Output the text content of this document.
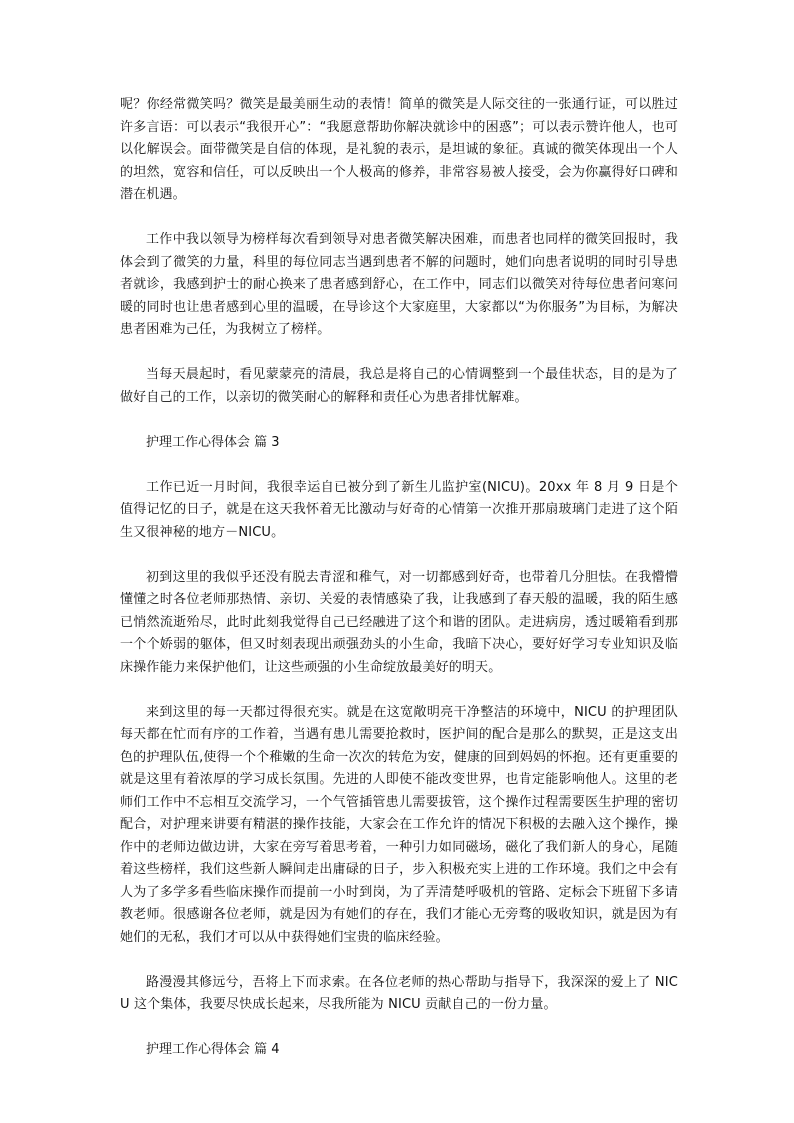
呢？你经常微笑吗？微笑是最美丽生动的表情！简单的微笑是人际交往的一张通行证，可以胜过许多言语：可以表示“我很开心”：“我愿意帮助你解决就诊中的困惑”；可以表示赞许他人，也可以化解误会。面带微笑是自信的体现，是礼貌的表示，是坦诚的象征。真诚的微笑体现出一个人的坦然，宽容和信任，可以反映出一个人极高的修养，非常容易被人接受，会为你赢得好口碑和潜在机遇。

工作中我以领导为榜样每次看到领导对患者微笑解决困难，而患者也同样的微笑回报时，我体会到了微笑的力量，科里的每位同志当遇到患者不解的问题时，她们向患者说明的同时引导患者就诊，我感到护士的耐心换来了患者感到舒心，在工作中，同志们以微笑对待每位患者问寒问暖的同时也让患者感到心里的温暖，在导诊这个大家庭里，大家都以“为你服务”为目标，为解决患者困难为己任，为我树立了榜样。

当每天晨起时，看见蒙蒙亮的清晨，我总是将自己的心情调整到一个最佳状态，目的是为了做好自己的工作，以亲切的微笑耐心的解释和责任心为患者排忧解难。

护理工作心得体会 篇 3

工作已近一月时间，我很幸运自已被分到了新生儿监护室(NICU)。20xx 年 8 月 9 日是个值得记忆的日子，就是在这天我怀着无比激动与好奇的心情第一次推开那扇玻璃门走进了这个陌生又很神秘的地方－NICU。

初到这里的我似乎还没有脱去青涩和稚气，对一切都感到好奇，也带着几分胆怯。在我懵懵懂懂之时各位老师那热情、亲切、关爱的表情感染了我，让我感到了春天般的温暖，我的陌生感已悄然流逝殆尽，此时此刻我觉得自己已经融进了这个和谐的团队。走进病房，透过暖箱看到那一个个娇弱的躯体，但又时刻表现出顽强劲头的小生命，我暗下决心，要好好学习专业知识及临床操作能力来保护他们，让这些顽强的小生命绽放最美好的明天。

来到这里的每一天都过得很充实。就是在这宽敞明亮干净整洁的环境中，NICU 的护理团队每天都在忙而有序的工作着，当遇有患儿需要抢救时，医护间的配合是那么的默契，正是这支出色的护理队伍,使得一个个稚嫩的生命一次次的转危为安，健康的回到妈妈的怀抱。还有更重要的就是这里有着浓厚的学习成长氛围。先进的人即使不能改变世界，也肯定能影响他人。这里的老师们工作中不忘相互交流学习，一个气管插管患儿需要拔管，这个操作过程需要医生护理的密切配合，对护理来讲要有精湛的操作技能，大家会在工作允许的情况下积极的去融入这个操作，操作中的老师边做边讲，大家在旁写着思考着，一种引力如同磁场，磁化了我们新人的身心，尾随着这些榜样，我们这些新人瞬间走出庸碌的日子，步入积极充实上进的工作环境。我们之中会有人为了多学多看些临床操作而提前一小时到岗，为了弄清楚呼吸机的管路、定标会下班留下多请教老师。很感谢各位老师，就是因为有她们的存在，我们才能心无旁骛的吸收知识，就是因为有她们的无私，我们才可以从中获得她们宝贵的临床经验。

路漫漫其修远兮，吾将上下而求索。在各位老师的热心帮助与指导下，我深深的爱上了 NICU 这个集体，我要尽快成长起来，尽我所能为 NICU 贡献自己的一份力量。

护理工作心得体会 篇 4
